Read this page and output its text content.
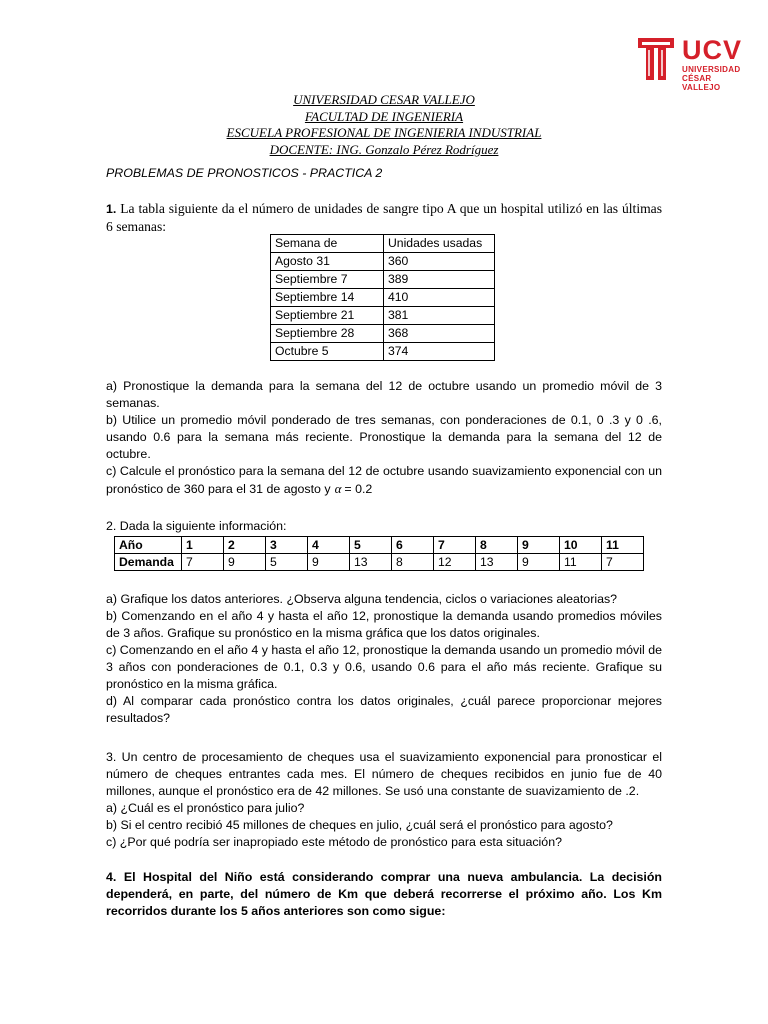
UCV
UNIVERSIDAD
CÉSAR VALLEJO
UNIVERSIDAD CESAR VALLEJO
FACULTAD DE INGENIERIA
ESCUELA PROFESIONAL DE INGENIERIA INDUSTRIAL
DOCENTE: ING. Gonzalo Pérez Rodríguez
PROBLEMAS DE PRONOSTICOS - PRACTICA 2

1. La tabla siguiente da el número de unidades de sangre tipo A que un hospital utilizó en las últimas 6 semanas:

Semana de	Unidades usadas
Agosto 31	360
Septiembre 7	389
Septiembre 14	410
Septiembre 21	381
Septiembre 28	368
Octubre 5	374

a) Pronostique la demanda para la semana del 12 de octubre usando un promedio móvil de 3 semanas.

b) Utilice un promedio móvil ponderado de tres semanas, con ponderaciones de 0.1, 0 .3 y 0 .6, usando 0.6 para la semana más reciente. Pronostique la demanda para la semana del 12 de octubre.

c) Calcule el pronóstico para la semana del 12 de octubre usando suavizamiento exponencial con un pronóstico de 360 para el 31 de agosto y α = 0.2

2. Dada la siguiente información:
Año	1	2	3	4	5	6	7	8	9	10	11
Demanda	7	9	5	9	13	8	12	13	9	11	7

a) Grafique los datos anteriores. ¿Observa alguna tendencia, ciclos o variaciones aleatorias?

b) Comenzando en el año 4 y hasta el año 12, pronostique la demanda usando promedios móviles de 3 años. Grafique su pronóstico en la misma gráfica que los datos originales.

c) Comenzando en el año 4 y hasta el año 12, pronostique la demanda usando un promedio móvil de 3 años con ponderaciones de 0.1, 0.3 y 0.6, usando 0.6 para el año más reciente. Grafique su pronóstico en la misma gráfica.

d) Al comparar cada pronóstico contra los datos originales, ¿cuál parece proporcionar mejores resultados?

3. Un centro de procesamiento de cheques usa el suavizamiento exponencial para pronosticar el número de cheques entrantes cada mes. El número de cheques recibidos en junio fue de 40 millones, aunque el pronóstico era de 42 millones. Se usó una constante de suavizamiento de .2.

a) ¿Cuál es el pronóstico para julio?

b) Si el centro recibió 45 millones de cheques en julio, ¿cuál será el pronóstico para agosto?

c) ¿Por qué podría ser inapropiado este método de pronóstico para esta situación?

4. El Hospital del Niño está considerando comprar una nueva ambulancia. La decisión dependerá, en parte, del número de Km que deberá recorrerse el próximo año. Los Km recorridos durante los 5 años anteriores son como sigue:
